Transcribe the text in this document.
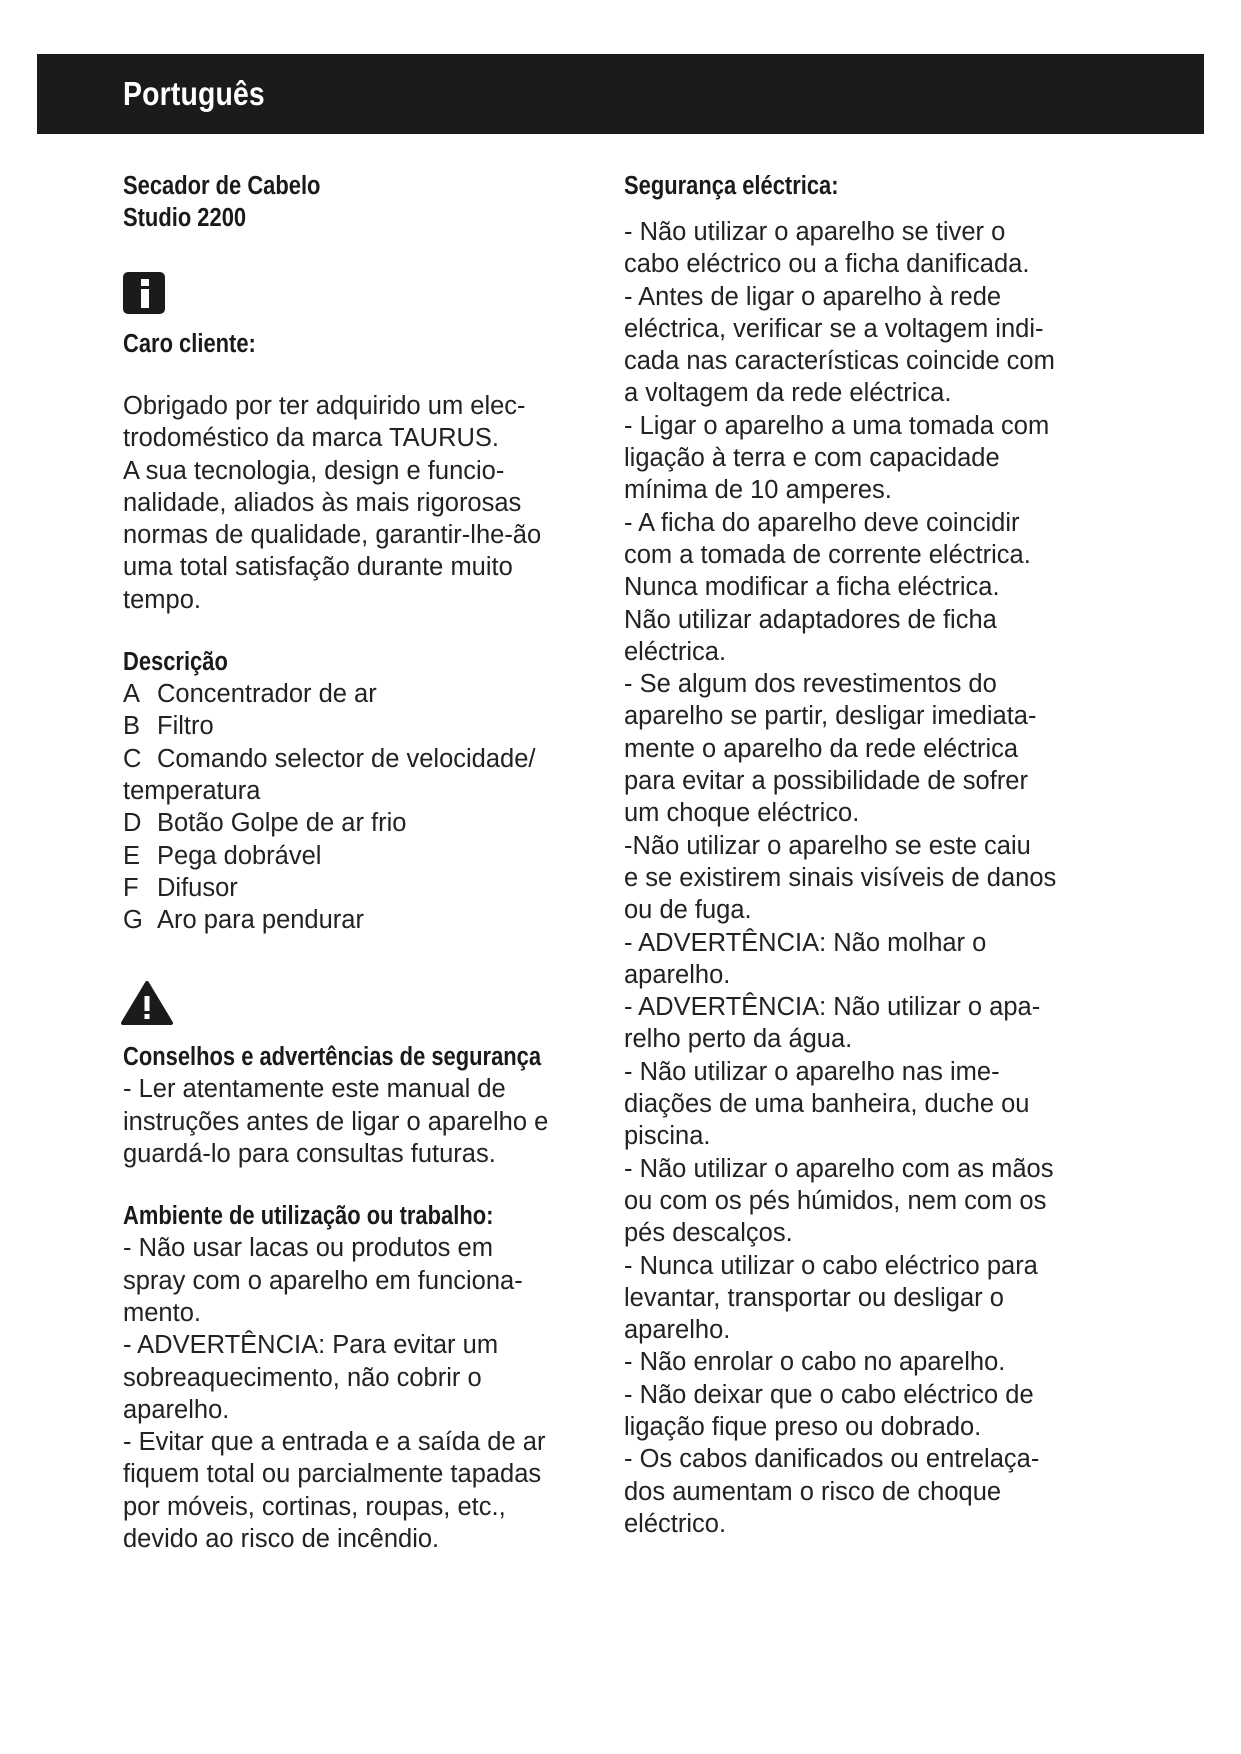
Português
Secador de Cabelo
Studio 2200
Caro cliente:
Obrigado por ter adquirido um elec-
trodoméstico da marca TAURUS.
A sua tecnologia, design e funcio-
nalidade, aliados às mais rigorosas
normas de qualidade, garantir-lhe-ão
uma total satisfação durante muito
tempo.
Descrição
A Concentrador de ar
B Filtro
C Comando selector de velocidade/
temperatura
D Botão Golpe de ar frio
E Pega dobrável
F Difusor
G Aro para pendurar
Conselhos e advertências de segurança
- Ler atentamente este manual de
instruções antes de ligar o aparelho e
guardá-lo para consultas futuras.
Ambiente de utilização ou trabalho:
- Não usar lacas ou produtos em
spray com o aparelho em funciona-
mento.
- ADVERTÊNCIA: Para evitar um
sobreaquecimento, não cobrir o
aparelho.
- Evitar que a entrada e a saída de ar
fiquem total ou parcialmente tapadas
por móveis, cortinas, roupas, etc.,
devido ao risco de incêndio.
Segurança eléctrica:
- Não utilizar o aparelho se tiver o
cabo eléctrico ou a ficha danificada.
- Antes de ligar o aparelho à rede
eléctrica, verificar se a voltagem indi-
cada nas características coincide com
a voltagem da rede eléctrica.
- Ligar o aparelho a uma tomada com
ligação à terra e com capacidade
mínima de 10 amperes.
- A ficha do aparelho deve coincidir
com a tomada de corrente eléctrica.
Nunca modificar a ficha eléctrica.
Não utilizar adaptadores de ficha
eléctrica.
- Se algum dos revestimentos do
aparelho se partir, desligar imediata-
mente o aparelho da rede eléctrica
para evitar a possibilidade de sofrer
um choque eléctrico.
-Não utilizar o aparelho se este caiu
e se existirem sinais visíveis de danos
ou de fuga.
- ADVERTÊNCIA: Não molhar o
aparelho.
- ADVERTÊNCIA: Não utilizar o apa-
relho perto da água.
- Não utilizar o aparelho nas ime-
diações de uma banheira, duche ou
piscina.
- Não utilizar o aparelho com as mãos
ou com os pés húmidos, nem com os
pés descalços.
- Nunca utilizar o cabo eléctrico para
levantar, transportar ou desligar o
aparelho.
- Não enrolar o cabo no aparelho.
- Não deixar que o cabo eléctrico de
ligação fique preso ou dobrado.
- Os cabos danificados ou entrelaça-
dos aumentam o risco de choque
eléctrico.
